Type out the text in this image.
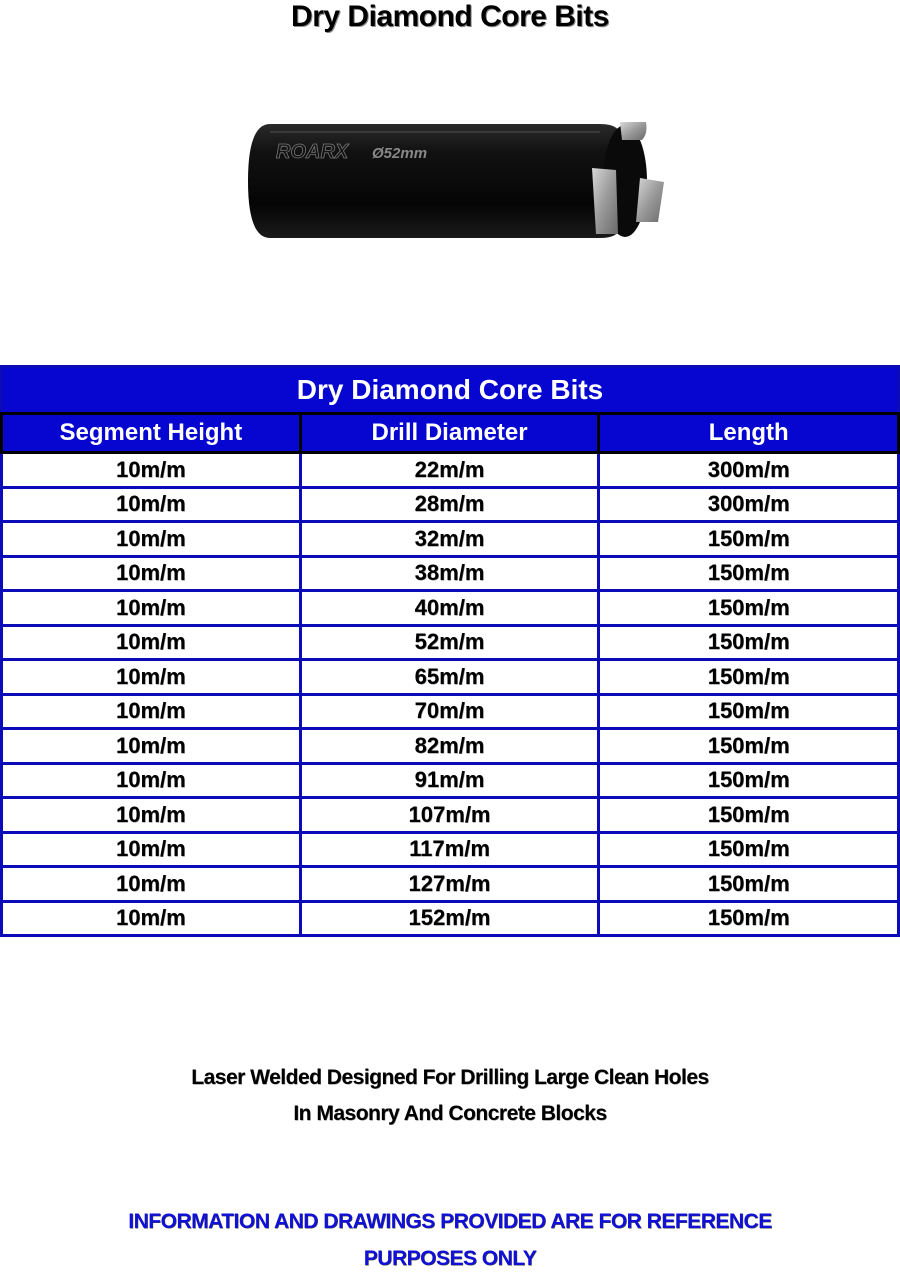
Dry Diamond Core Bits
ROARX Ø52mm
Dry Diamond Core Bits		
Segment Height	Drill Diameter	Length
10m/m	22m/m	300m/m
10m/m	28m/m	300m/m
10m/m	32m/m	150m/m
10m/m	38m/m	150m/m
10m/m	40m/m	150m/m
10m/m	52m/m	150m/m
10m/m	65m/m	150m/m
10m/m	70m/m	150m/m
10m/m	82m/m	150m/m
10m/m	91m/m	150m/m
10m/m	107m/m	150m/m
10m/m	117m/m	150m/m
10m/m	127m/m	150m/m
10m/m	152m/m	150m/m
Laser Welded Designed For Drilling Large Clean Holes
In Masonry And Concrete Blocks
INFORMATION AND DRAWINGS PROVIDED ARE FOR REFERENCE
PURPOSES ONLY
